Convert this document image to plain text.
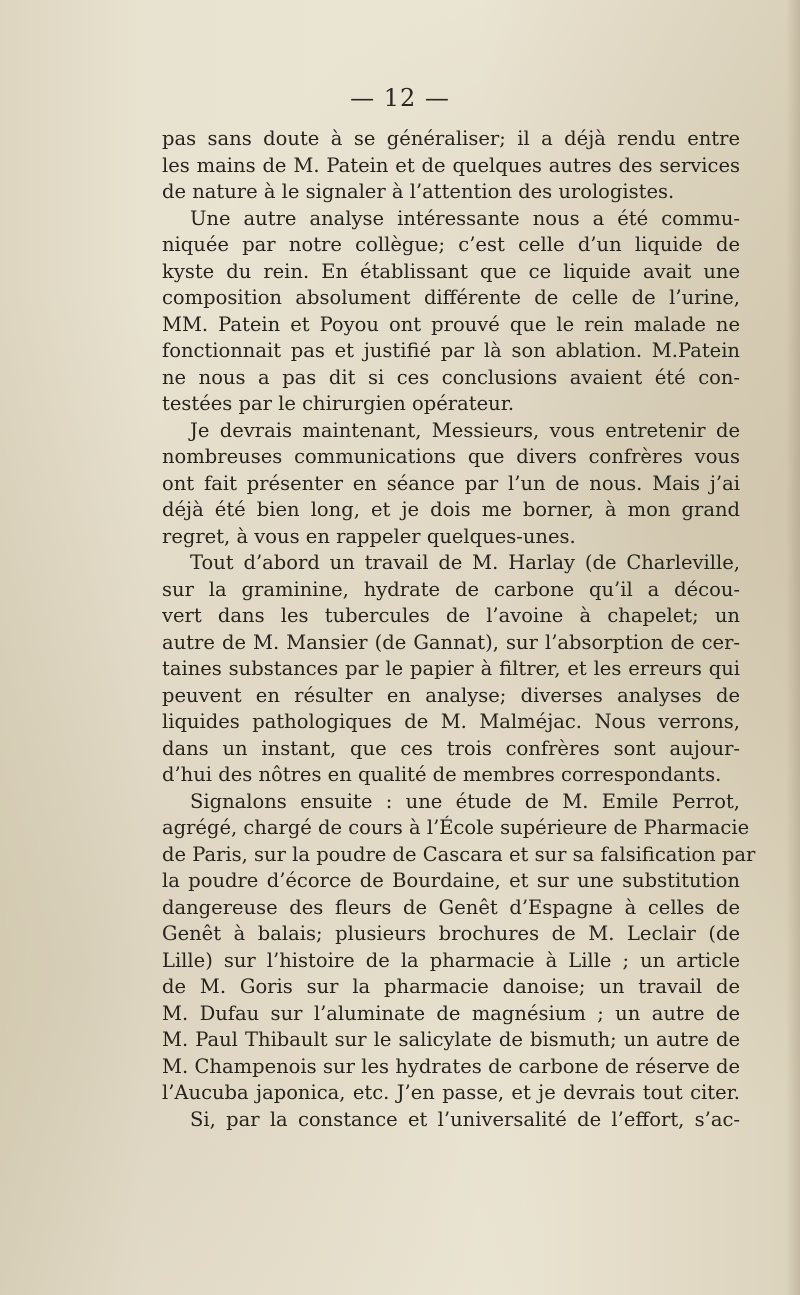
— 12 —
pas sans doute à se généraliser; il a déjà rendu entre
les mains de M. Patein et de quelques autres des services
de nature à le signaler à l’attention des urologistes.
Une autre analyse intéressante nous a été commu-
niquée par notre collègue; c’est celle d’un liquide de
kyste du rein. En établissant que ce liquide avait une
composition absolument différente de celle de l’urine,
MM. Patein et Poyou ont prouvé que le rein malade ne
fonctionnait pas et justifié par là son ablation. M.Patein
ne nous a pas dit si ces conclusions avaient été con-
testées par le chirurgien opérateur.
Je devrais maintenant, Messieurs, vous entretenir de
nombreuses communications que divers confrères vous
ont fait présenter en séance par l’un de nous. Mais j’ai
déjà été bien long, et je dois me borner, à mon grand
regret, à vous en rappeler quelques-unes.
Tout d’abord un travail de M. Harlay (de Charleville,
sur la graminine, hydrate de carbone qu’il a décou-
vert dans les tubercules de l’avoine à chapelet; un
autre de M. Mansier (de Gannat), sur l’absorption de cer-
taines substances par le papier à filtrer, et les erreurs qui
peuvent en résulter en analyse; diverses analyses de
liquides pathologiques de M. Malméjac. Nous verrons,
dans un instant, que ces trois confrères sont aujour-
d’hui des nôtres en qualité de membres correspondants.
Signalons ensuite : une étude de M. Emile Perrot,
agrégé, chargé de cours à l’École supérieure de Pharmacie
de Paris, sur la poudre de Cascara et sur sa falsification par
la poudre d’écorce de Bourdaine, et sur une substitution
dangereuse des fleurs de Genêt d’Espagne à celles de
Genêt à balais; plusieurs brochures de M. Leclair (de
Lille) sur l’histoire de la pharmacie à Lille ; un article
de M. Goris sur la pharmacie danoise; un travail de
M. Dufau sur l’aluminate de magnésium ; un autre de
M. Paul Thibault sur le salicylate de bismuth; un autre de
M. Champenois sur les hydrates de carbone de réserve de
l’Aucuba japonica, etc. J’en passe, et je devrais tout citer.
Si, par la constance et l’universalité de l’effort, s’ac-
